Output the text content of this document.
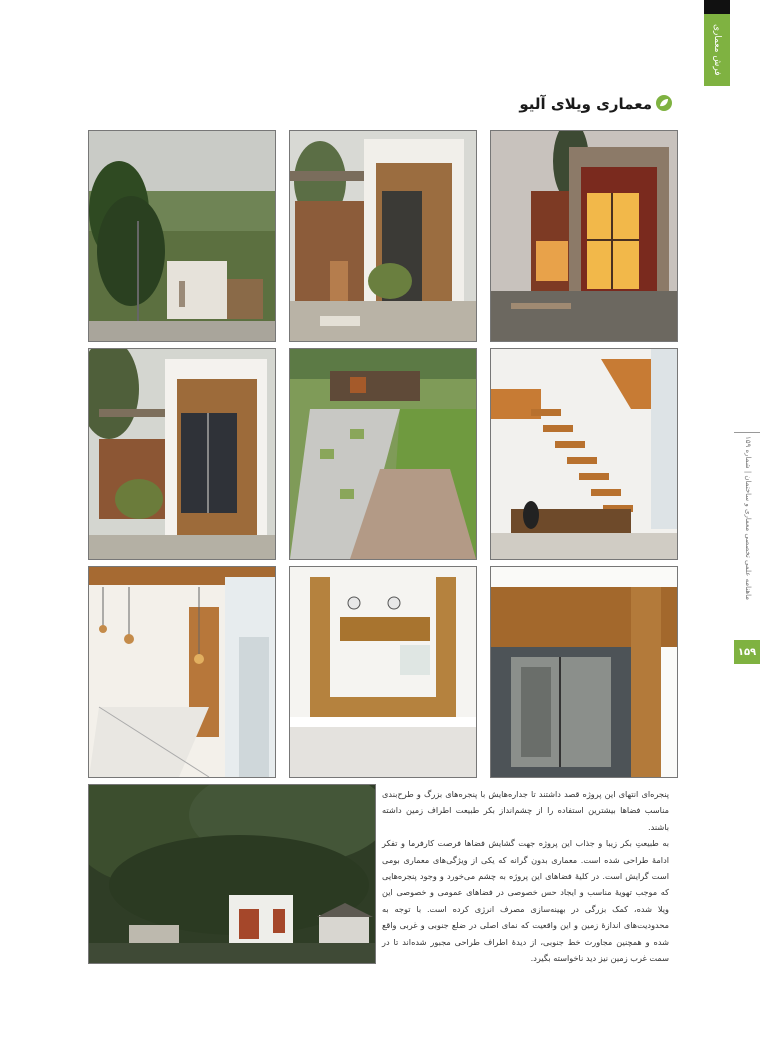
فرش معماری
ماهنامه علمی تخصصی معماری و ساختمان | شماره ۱۵۹
۱۵۹
معماری ویلای آلیو

پنجره‌ای انتهای این پروژه قصد داشتند تا جداره‌هایش با پنجره‌های بزرگ و طرح‌بندی مناسب فضاها بیشترین استفاده را از چشم‌انداز بکر طبیعت اطراف زمین داشته باشند.

به طبیعتِ بکر زیبا و جذاب این پروژه جهت گشایش فضاها فرصت کارفرما و تفکر ادامهٔ طراحی شده است. معماری بدون گرانه که یکی از ویژگی‌های معماری بومی است گرایش است. در کلیهٔ فضاهای این پروژه به چشم می‌خورد و وجود پنجره‌هایی که موجب تهویهٔ مناسب و ایجاد حس خصوصی در فضاهای عمومی و خصوصی این ویلا شده، کمک بزرگی در بهینه‌سازی مصرف انرژی کرده است. با توجه به محدودیت‌های اندازهٔ زمین و این واقعیت که نمای اصلی در ضلع جنوبی و غربی واقع شده و همچنین مجاورت خط جنوبی، از دیدهٔ اطراف طراحی مجبور شده‌اند تا در سمت غرب زمین نیز دید ناخواسته بگیرد.
